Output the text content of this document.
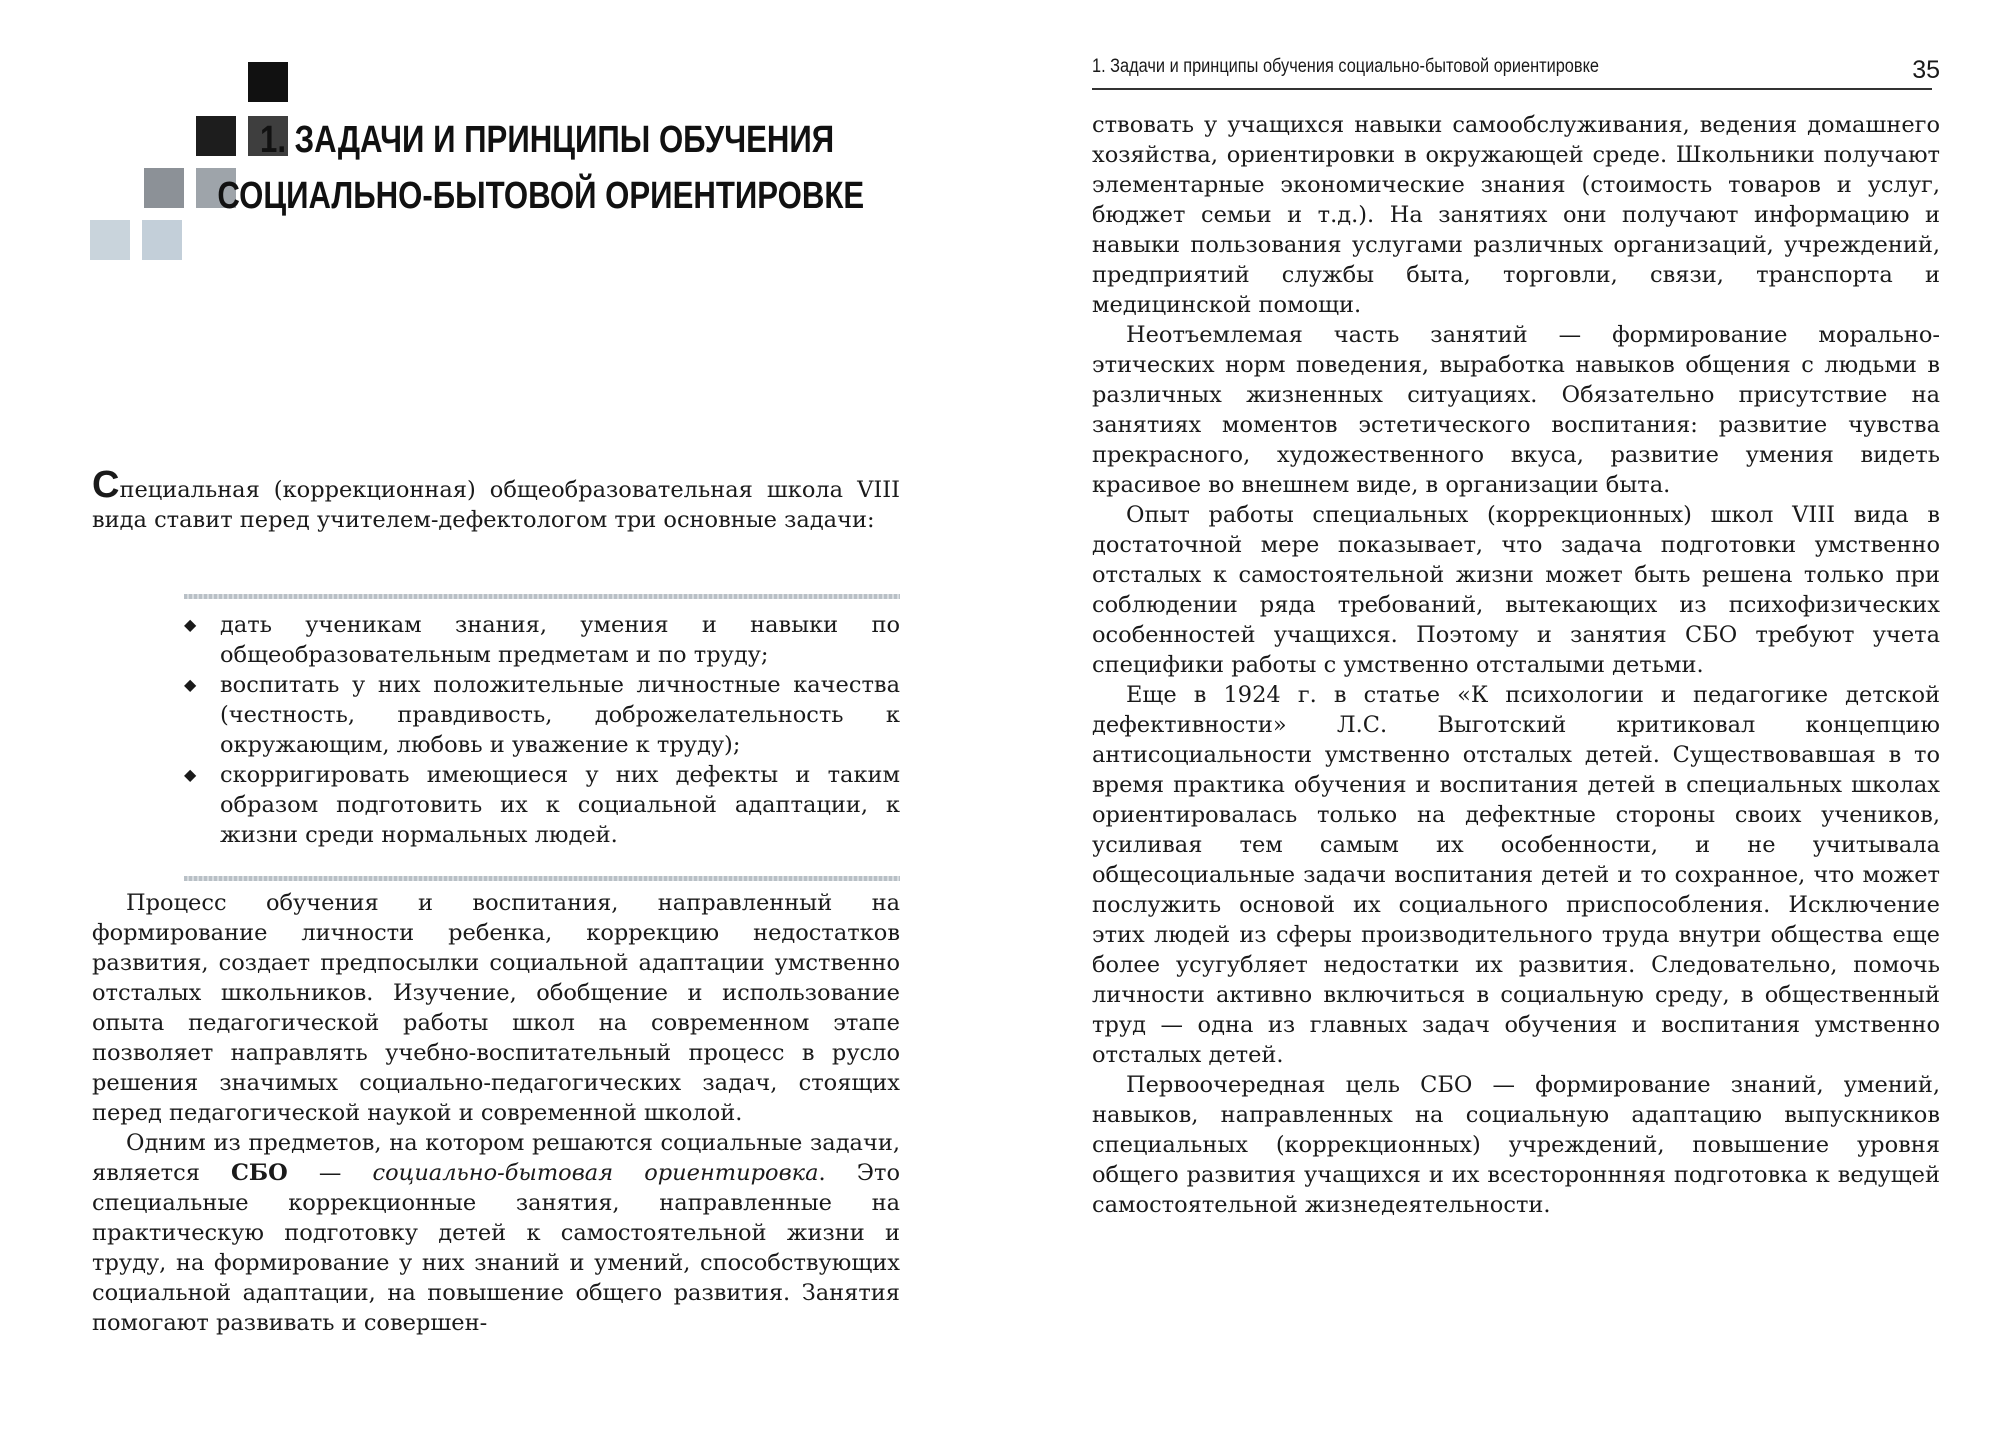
1. ЗАДАЧИ И ПРИНЦИПЫ ОБУЧЕНИЯ
СОЦИАЛЬНО-БЫТОВОЙ ОРИЕНТИРОВКЕ

Специальная (коррекционная) общеобразовательная школа VIII вида ставит перед учителем-дефектологом три основные задачи:

◆ дать ученикам знания, умения и навыки по общеобразовательным предметам и по труду;
◆ воспитать у них положительные личностные качества (честность, правдивость, доброжелательность к окружающим, любовь и уважение к труду);
◆ скорригировать имеющиеся у них дефекты и таким образом подготовить их к социальной адаптации, к жизни среди нормальных людей.

Процесс обучения и воспитания, направленный на формирование личности ребенка, коррекцию недостатков развития, создает предпосылки социальной адаптации умственно отсталых школьников. Изучение, обобщение и использование опыта педагогической работы школ на современном этапе позволяет направлять учебно-воспитательный процесс в русло решения значимых социально-педагогических задач, стоящих перед педагогической наукой и современной школой.

Одним из предметов, на котором решаются социальные задачи, является СБО — социально-бытовая ориентировка. Это специальные коррекционные занятия, направленные на практическую подготовку детей к самостоятельной жизни и труду, на формирование у них знаний и умений, способствующих социальной адаптации, на повышение общего развития. Занятия помогают развивать и совершен-

1. Задачи и принципы обучения социально-бытовой ориентировке	35

ствовать у учащихся навыки самообслуживания, ведения домашнего хозяйства, ориентировки в окружающей среде. Школьники получают элементарные экономические знания (стоимость товаров и услуг, бюджет семьи и т.д.). На занятиях они получают информацию и навыки пользования услугами различных организаций, учреждений, предприятий службы быта, торговли, связи, транспорта и медицинской помощи.

Неотъемлемая часть занятий — формирование морально-этических норм поведения, выработка навыков общения с людьми в различных жизненных ситуациях. Обязательно присутствие на занятиях моментов эстетического воспитания: развитие чувства прекрасного, художественного вкуса, развитие умения видеть красивое во внешнем виде, в организации быта.

Опыт работы специальных (коррекционных) школ VIII вида в достаточной мере показывает, что задача подготовки умственно отсталых к самостоятельной жизни может быть решена только при соблюдении ряда требований, вытекающих из психофизических особенностей учащихся. Поэтому и занятия СБО требуют учета специфики работы с умственно отсталыми детьми.

Еще в 1924 г. в статье «К психологии и педагогике детской дефективности» Л.С. Выготский критиковал концепцию антисоциальности умственно отсталых детей. Существовавшая в то время практика обучения и воспитания детей в специальных школах ориентировалась только на дефектные стороны своих учеников, усиливая тем самым их особенности, и не учитывала общесоциальные задачи воспитания детей и то сохранное, что может послужить основой их социального приспособления. Исключение этих людей из сферы производительного труда внутри общества еще более усугубляет недостатки их развития. Следовательно, помочь личности активно включиться в социальную среду, в общественный труд — одна из главных задач обучения и воспитания умственно отсталых детей.

Первоочередная цель СБО — формирование знаний, умений, навыков, направленных на социальную адаптацию выпускников специальных (коррекционных) учреждений, повышение уровня общего развития учащихся и их всестороннняя подготовка к ведущей самостоятельной жизнедеятельности.
